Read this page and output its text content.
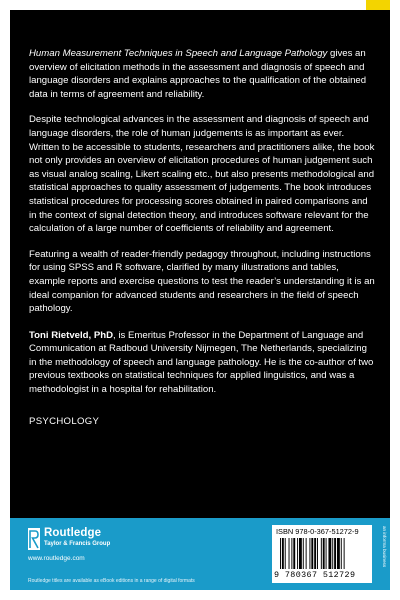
Human Measurement Techniques in Speech and Language Pathology gives an overview of elicitation methods in the assessment and diagnosis of speech and language disorders and explains approaches to the qualification of the obtained data in terms of agreement and reliability.

Despite technological advances in the assessment and diagnosis of speech and language disorders, the role of human judgements is as important as ever. Written to be accessible to students, researchers and practitioners alike, the book not only provides an overview of elicitation procedures of human judgement such as visual analog scaling, Likert scaling etc., but also presents methodological and statistical approaches to quality assessment of judgements. The book introduces statistical procedures for processing scores obtained in paired comparisons and in the context of signal detection theory, and introduces software relevant for the calculation of a large number of coefficients of reliability and agreement.

Featuring a wealth of reader-friendly pedagogy throughout, including instructions for using SPSS and R software, clarified by many illustrations and tables, example reports and exercise questions to test the reader’s understanding it is an ideal companion for advanced students and researchers in the field of speech pathology.

Toni Rietveld, PhD, is Emeritus Professor in the Department of Language and Communication at Radboud University Nijmegen, The Netherlands, specializing in the methodology of speech and language pathology. He is the co-author of two previous textbooks on statistical techniques for applied linguistics, and was a methodologist in a hospital for rehabilitation.

PSYCHOLOGY

Routledge
Taylor & Francis Group
www.routledge.com
Routledge titles are available as eBook editions in a range of digital formats
ISBN 978-0-367-51272-9
9 780367 512729
an informa business
